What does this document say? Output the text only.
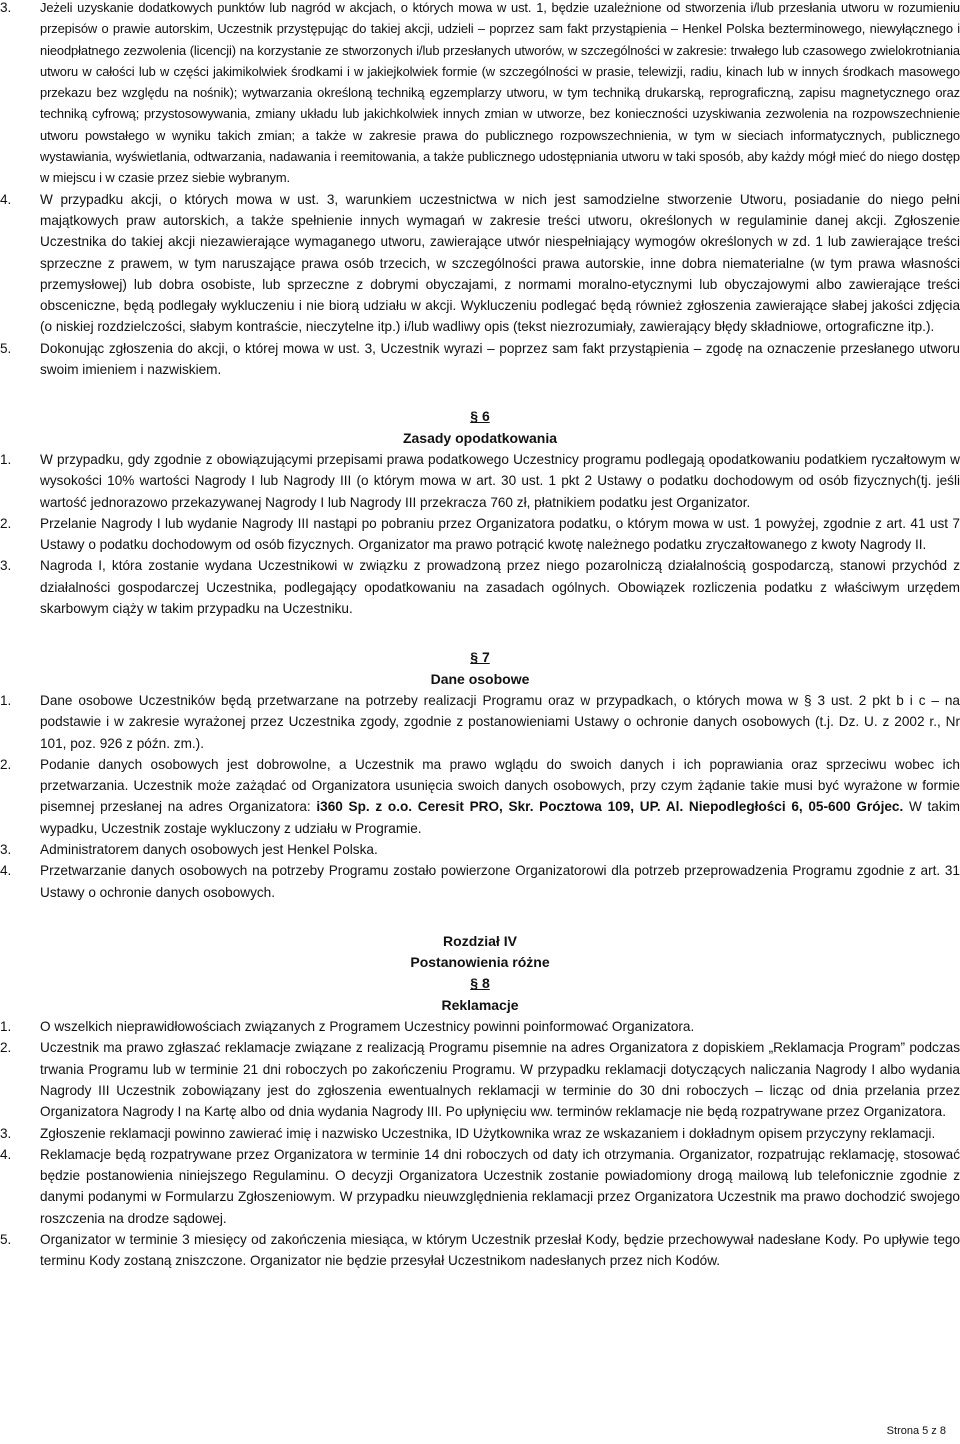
3.	Jeżeli uzyskanie dodatkowych punktów lub nagród w akcjach, o których mowa w ust. 1, będzie uzależnione od stworzenia i/lub przesłania utworu w rozumieniu przepisów o prawie autorskim, Uczestnik przystępując do takiej akcji, udzieli – poprzez sam fakt przystąpienia – Henkel Polska bezterminowego, niewyłącznego i nieodpłatnego zezwolenia (licencji) na korzystanie ze stworzonych i/lub przesłanych utworów, w szczególności w zakresie: trwałego lub czasowego zwielokrotniania utworu w całości lub w części jakimikolwiek środkami i w jakiejkolwiek formie (w szczególności w prasie, telewizji, radiu, kinach lub w innych środkach masowego przekazu bez względu na nośnik); wytwarzania określoną techniką egzemplarzy utworu, w tym techniką drukarską, reprograficzną, zapisu magnetycznego oraz techniką cyfrową; przystosowywania, zmiany układu lub jakichkolwiek innych zmian w utworze, bez konieczności uzyskiwania zezwolenia na rozpowszechnienie utworu powstałego w wyniku takich zmian; a także w zakresie prawa do publicznego rozpowszechnienia, w tym w sieciach informatycznych, publicznego wystawiania, wyświetlania, odtwarzania, nadawania i reemitowania, a także publicznego udostępniania utworu w taki sposób, aby każdy mógł mieć do niego dostęp w miejscu i w czasie przez siebie wybranym.
4.	W przypadku akcji, o których mowa w ust. 3, warunkiem uczestnictwa w nich jest samodzielne stworzenie Utworu, posiadanie do niego pełni majątkowych praw autorskich, a także spełnienie innych wymagań w zakresie treści utworu, określonych w regulaminie danej akcji. Zgłoszenie Uczestnika do takiej akcji niezawierające wymaganego utworu, zawierające utwór niespełniający wymogów określonych w zd. 1 lub zawierające treści sprzeczne z prawem, w tym naruszające prawa osób trzecich, w szczególności prawa autorskie, inne dobra niematerialne (w tym prawa własności przemysłowej) lub dobra osobiste, lub sprzeczne z dobrymi obyczajami, z normami moralno-etycznymi lub obyczajowymi albo zawierające treści obsceniczne, będą podlegały wykluczeniu i nie biorą udziału w akcji. Wykluczeniu podlegać będą również zgłoszenia zawierające słabej jakości zdjęcia (o niskiej rozdzielczości, słabym kontraście, nieczytelne itp.) i/lub wadliwy opis (tekst niezrozumiały, zawierający błędy składniowe, ortograficzne itp.).
5.	Dokonując zgłoszenia do akcji, o której mowa w ust. 3, Uczestnik wyrazi – poprzez sam fakt przystąpienia – zgodę na oznaczenie przesłanego utworu swoim imieniem i nazwiskiem.
§ 6
Zasady opodatkowania
1.	W przypadku, gdy zgodnie z obowiązującymi przepisami prawa podatkowego Uczestnicy programu podlegają opodatkowaniu podatkiem ryczałtowym w wysokości 10% wartości Nagrody I lub Nagrody III (o którym mowa w art. 30 ust. 1 pkt 2 Ustawy o podatku dochodowym od osób fizycznych(tj. jeśli wartość jednorazowo przekazywanej Nagrody I lub Nagrody III przekracza 760 zł, płatnikiem podatku jest Organizator.
2.	Przelanie Nagrody I lub wydanie Nagrody III nastąpi po pobraniu przez Organizatora podatku, o którym mowa w ust. 1 powyżej, zgodnie z art. 41 ust 7 Ustawy o podatku dochodowym od osób fizycznych. Organizator ma prawo potrącić kwotę należnego podatku zryczałtowanego z kwoty Nagrody II.
3.	Nagroda I, która zostanie wydana Uczestnikowi w związku z prowadzoną przez niego pozarolniczą działalnością gospodarczą, stanowi przychód z działalności gospodarczej Uczestnika, podlegający opodatkowaniu na zasadach ogólnych. Obowiązek rozliczenia podatku z właściwym urzędem skarbowym ciąży w takim przypadku na Uczestniku.
§ 7
Dane osobowe
1.	Dane osobowe Uczestników będą przetwarzane na potrzeby realizacji Programu oraz w przypadkach, o których mowa w § 3 ust. 2 pkt b i c – na podstawie i w zakresie wyrażonej przez Uczestnika zgody, zgodnie z postanowieniami Ustawy o ochronie danych osobowych (t.j. Dz. U. z 2002 r., Nr 101, poz. 926 z późn. zm.).
2.	Podanie danych osobowych jest dobrowolne, a Uczestnik ma prawo wglądu do swoich danych i ich poprawiania oraz sprzeciwu wobec ich przetwarzania. Uczestnik może zażądać od Organizatora usunięcia swoich danych osobowych, przy czym żądanie takie musi być wyrażone w formie pisemnej przesłanej na adres Organizatora: i360 Sp. z o.o. Ceresit PRO, Skr. Pocztowa 109, UP. Al. Niepodległości 6, 05-600 Grójec. W takim wypadku, Uczestnik zostaje wykluczony z udziału w Programie.
3.	Administratorem danych osobowych jest Henkel Polska.
4.	Przetwarzanie danych osobowych na potrzeby Programu zostało powierzone Organizatorowi dla potrzeb przeprowadzenia Programu zgodnie z art. 31 Ustawy o ochronie danych osobowych.
Rozdział IV
Postanowienia różne
§ 8
Reklamacje
1.	O wszelkich nieprawidłowościach związanych z Programem Uczestnicy powinni poinformować Organizatora.
2.	Uczestnik ma prawo zgłaszać reklamacje związane z realizacją Programu pisemnie na adres Organizatora z dopiskiem „Reklamacja Program” podczas trwania Programu lub w terminie 21 dni roboczych po zakończeniu Programu. W przypadku reklamacji dotyczących naliczania Nagrody I albo wydania Nagrody III Uczestnik zobowiązany jest do zgłoszenia ewentualnych reklamacji w terminie do 30 dni roboczych – licząc od dnia przelania przez Organizatora Nagrody I na Kartę albo od dnia wydania Nagrody III. Po upłynięciu ww. terminów reklamacje nie będą rozpatrywane przez Organizatora.
3.	Zgłoszenie reklamacji powinno zawierać imię i nazwisko Uczestnika, ID Użytkownika wraz ze wskazaniem i dokładnym opisem przyczyny reklamacji.
4.	Reklamacje będą rozpatrywane przez Organizatora w terminie 14 dni roboczych od daty ich otrzymania. Organizator, rozpatrując reklamację, stosować będzie postanowienia niniejszego Regulaminu. O decyzji Organizatora Uczestnik zostanie powiadomiony drogą mailową lub telefonicznie zgodnie z danymi podanymi w Formularzu Zgłoszeniowym. W przypadku nieuwzględnienia reklamacji przez Organizatora Uczestnik ma prawo dochodzić swojego roszczenia na drodze sądowej.
5.	Organizator w terminie 3 miesięcy od zakończenia miesiąca, w którym Uczestnik przesłał Kody, będzie przechowywał nadesłane Kody. Po upływie tego terminu Kody zostaną zniszczone. Organizator nie będzie przesyłał Uczestnikom nadesłanych przez nich Kodów.
Strona 5 z 8
